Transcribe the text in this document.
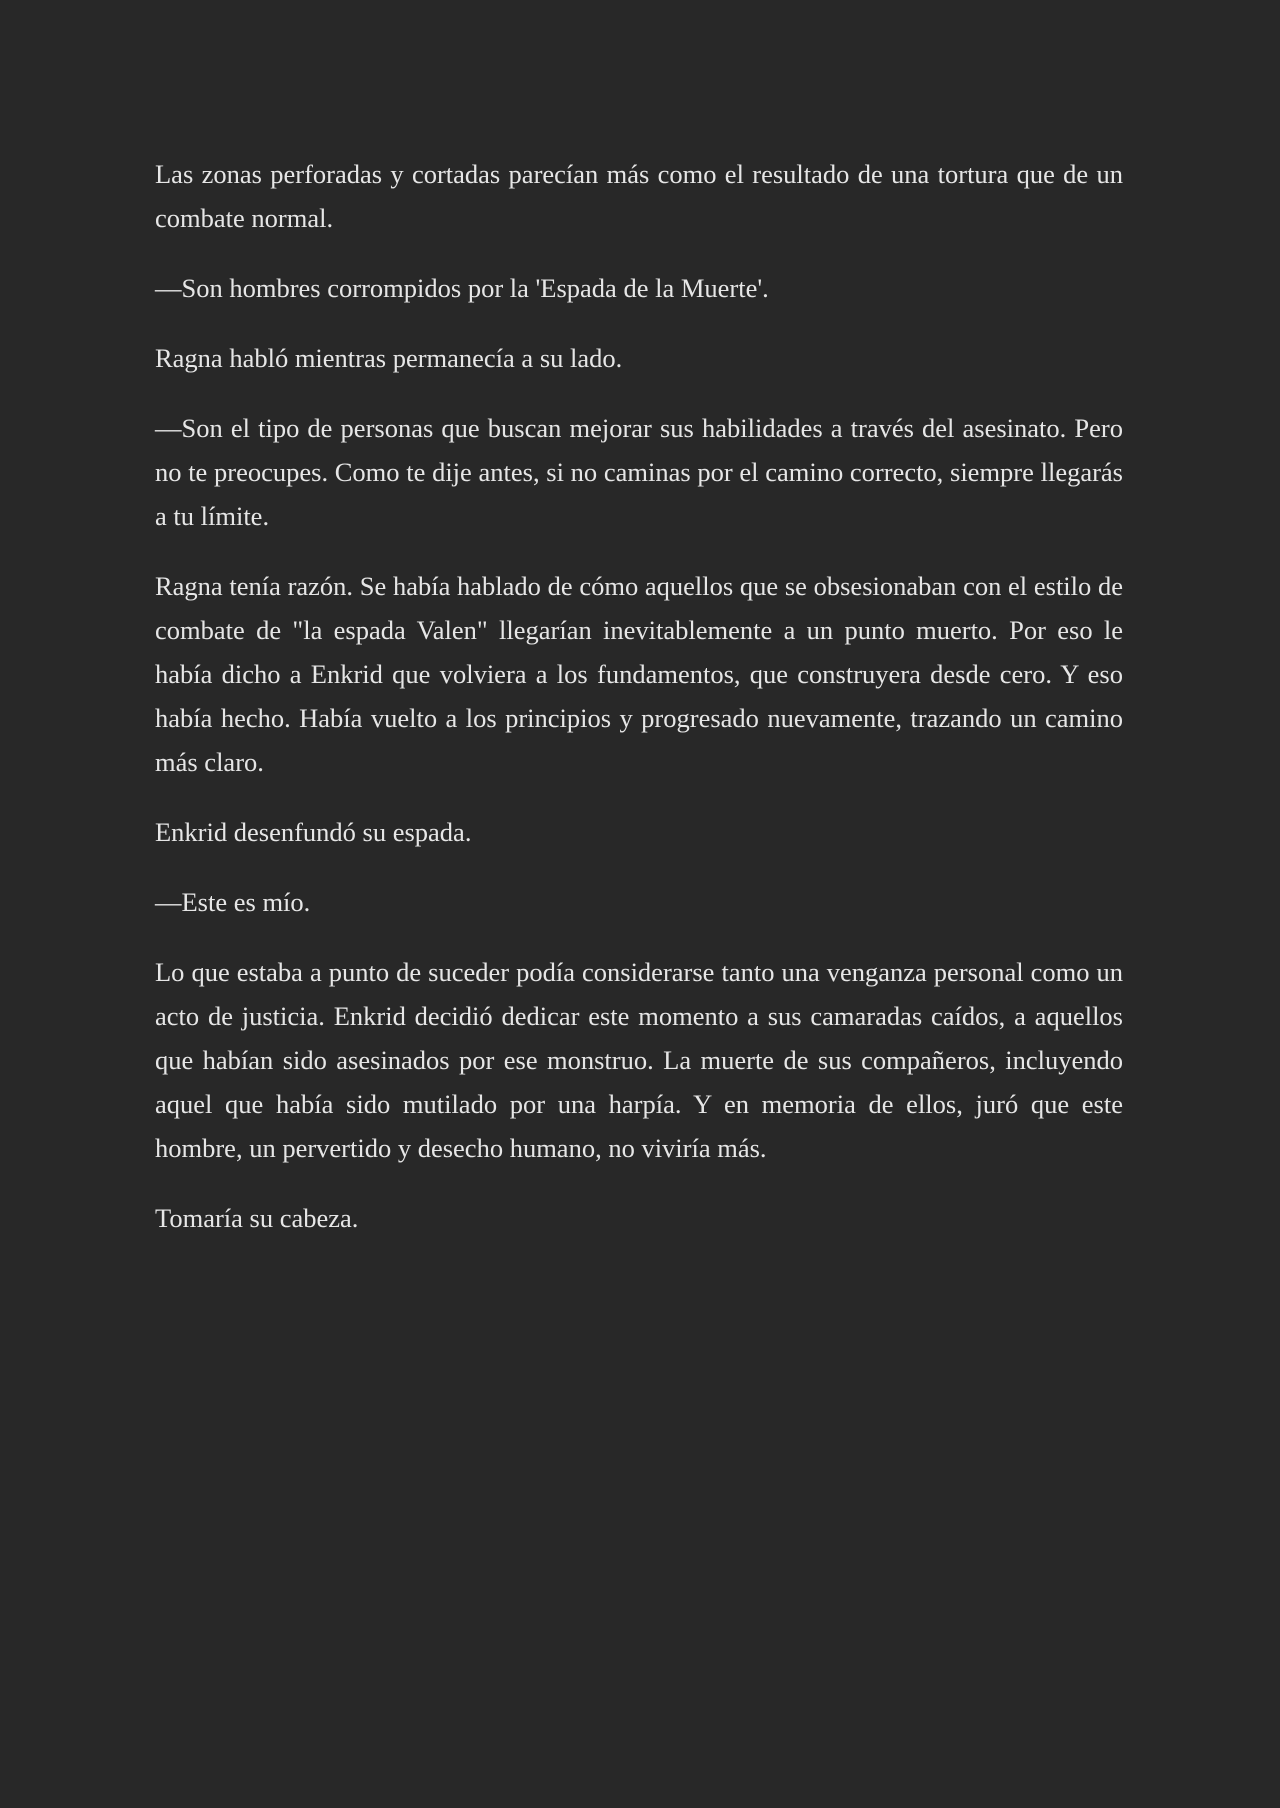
Las zonas perforadas y cortadas parecían más como el resultado de una tortura que de un combate normal.

—Son hombres corrompidos por la 'Espada de la Muerte'.

Ragna habló mientras permanecía a su lado.

—Son el tipo de personas que buscan mejorar sus habilidades a través del asesinato. Pero no te preocupes. Como te dije antes, si no caminas por el camino correcto, siempre llegarás a tu límite.

Ragna tenía razón. Se había hablado de cómo aquellos que se obsesionaban con el estilo de combate de "la espada Valen" llegarían inevitablemente a un punto muerto. Por eso le había dicho a Enkrid que volviera a los fundamentos, que construyera desde cero. Y eso había hecho. Había vuelto a los principios y progresado nuevamente, trazando un camino más claro.

Enkrid desenfundó su espada.

—Este es mío.

Lo que estaba a punto de suceder podía considerarse tanto una venganza personal como un acto de justicia. Enkrid decidió dedicar este momento a sus camaradas caídos, a aquellos que habían sido asesinados por ese monstruo. La muerte de sus compañeros, incluyendo aquel que había sido mutilado por una harpía. Y en memoria de ellos, juró que este hombre, un pervertido y desecho humano, no viviría más.

Tomaría su cabeza.
